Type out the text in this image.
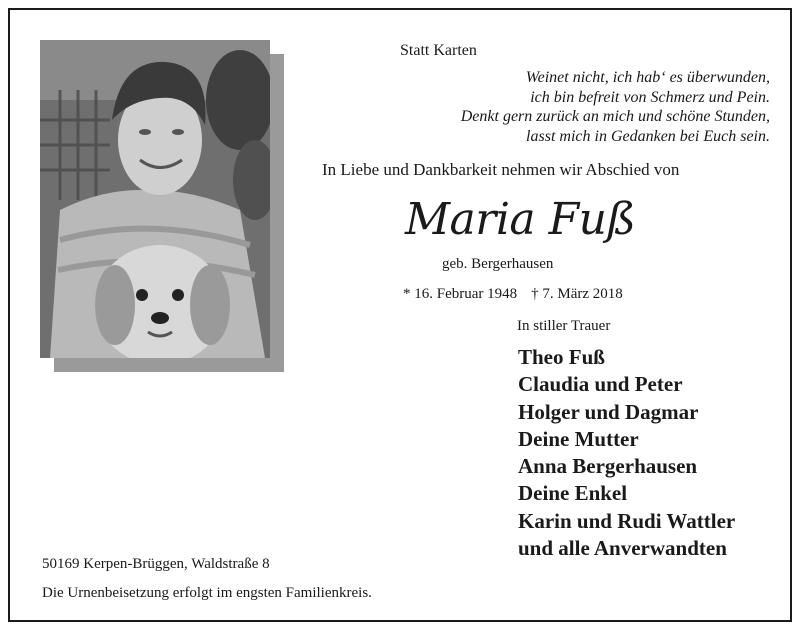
Statt Karten
Weinet nicht, ich hab‘ es überwunden,
ich bin befreit von Schmerz und Pein.
Denkt gern zurück an mich und schöne Stunden,
lasst mich in Gedanken bei Euch sein.
In Liebe und Dankbarkeit nehmen wir Abschied von
Maria Fuß
geb. Bergerhausen
* 16. Februar 1948 † 7. März 2018
In stiller Trauer
Theo Fuß
Claudia und Peter
Holger und Dagmar
Deine Mutter
Anna Bergerhausen
Deine Enkel
Karin und Rudi Wattler
und alle Anverwandten
50169 Kerpen-Brüggen, Waldstraße 8
Die Urnenbeisetzung erfolgt im engsten Familienkreis.
